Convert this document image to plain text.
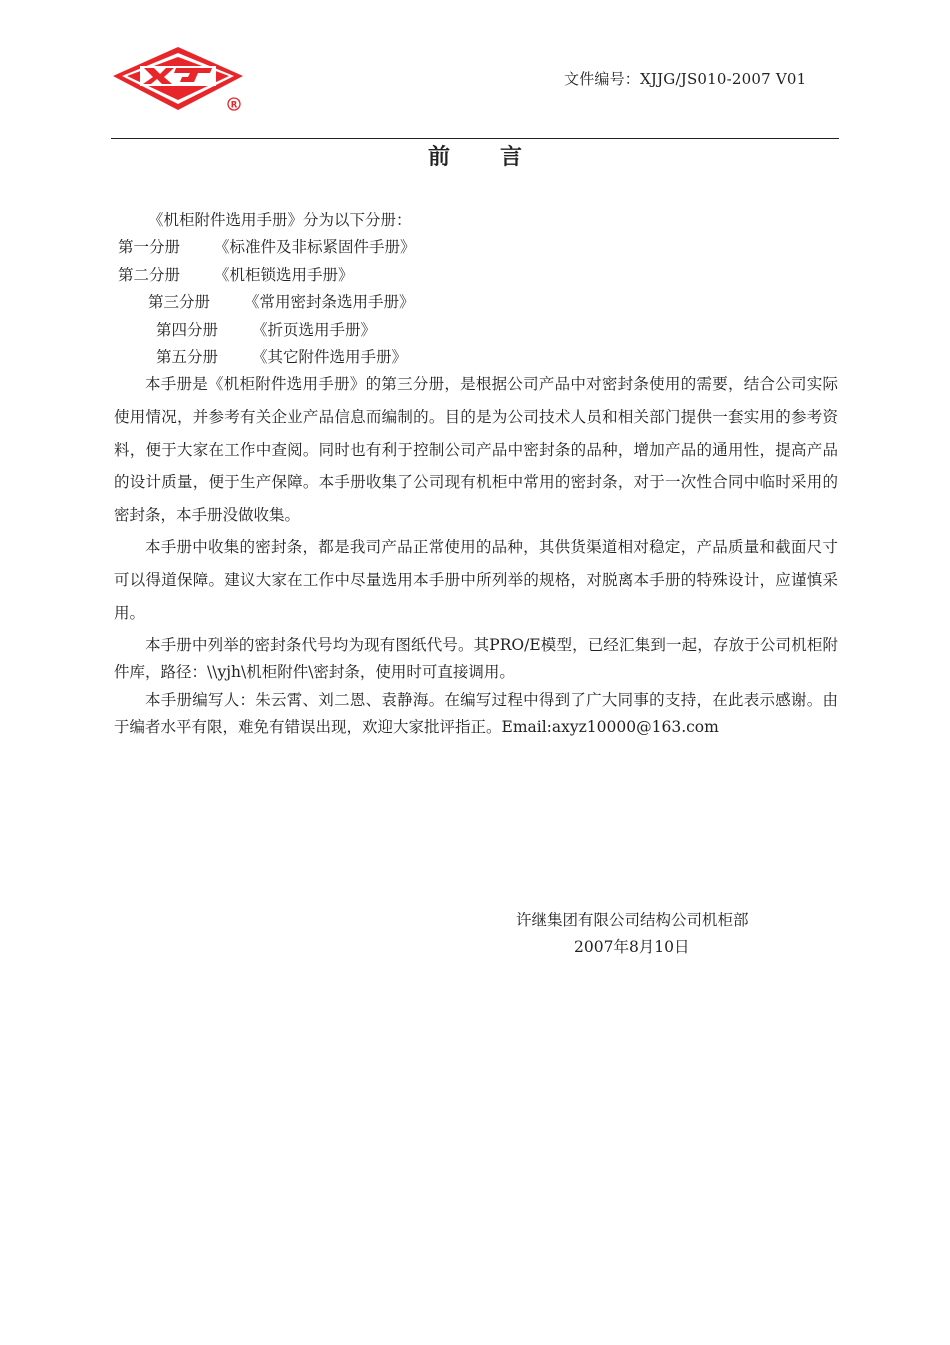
R
文件编号：XJJG/JS010-2007 V01
前 言
《机柜附件选用手册》分为以下分册：
第一分册 《标准件及非标紧固件手册》
第二分册 《机柜锁选用手册》
第三分册 《常用密封条选用手册》
第四分册 《折页选用手册》
第五分册 《其它附件选用手册》

本手册是《机柜附件选用手册》的第三分册，是根据公司产品中对密封条使用的需要，结合公司实际使用情况，并参考有关企业产品信息而编制的。目的是为公司技术人员和相关部门提供一套实用的参考资料，便于大家在工作中查阅。同时也有利于控制公司产品中密封条的品种，增加产品的通用性，提高产品的设计质量，便于生产保障。本手册收集了公司现有机柜中常用的密封条，对于一次性合同中临时采用的密封条，本手册没做收集。

本手册中收集的密封条，都是我司产品正常使用的品种，其供货渠道相对稳定，产品质量和截面尺寸可以得道保障。建议大家在工作中尽量选用本手册中所列举的规格，对脱离本手册的特殊设计，应谨慎采用。

本手册中列举的密封条代号均为现有图纸代号。其PRO/E模型，已经汇集到一起，存放于公司机柜附件库，路径：\\yjh\机柜附件\密封条，使用时可直接调用。

本手册编写人：朱云霄、刘二恩、袁静海。在编写过程中得到了广大同事的支持，在此表示感谢。由于编者水平有限，难免有错误出现，欢迎大家批评指正。Email:axyz10000@163.com

许继集团有限公司结构公司机柜部
2007年8月10日
